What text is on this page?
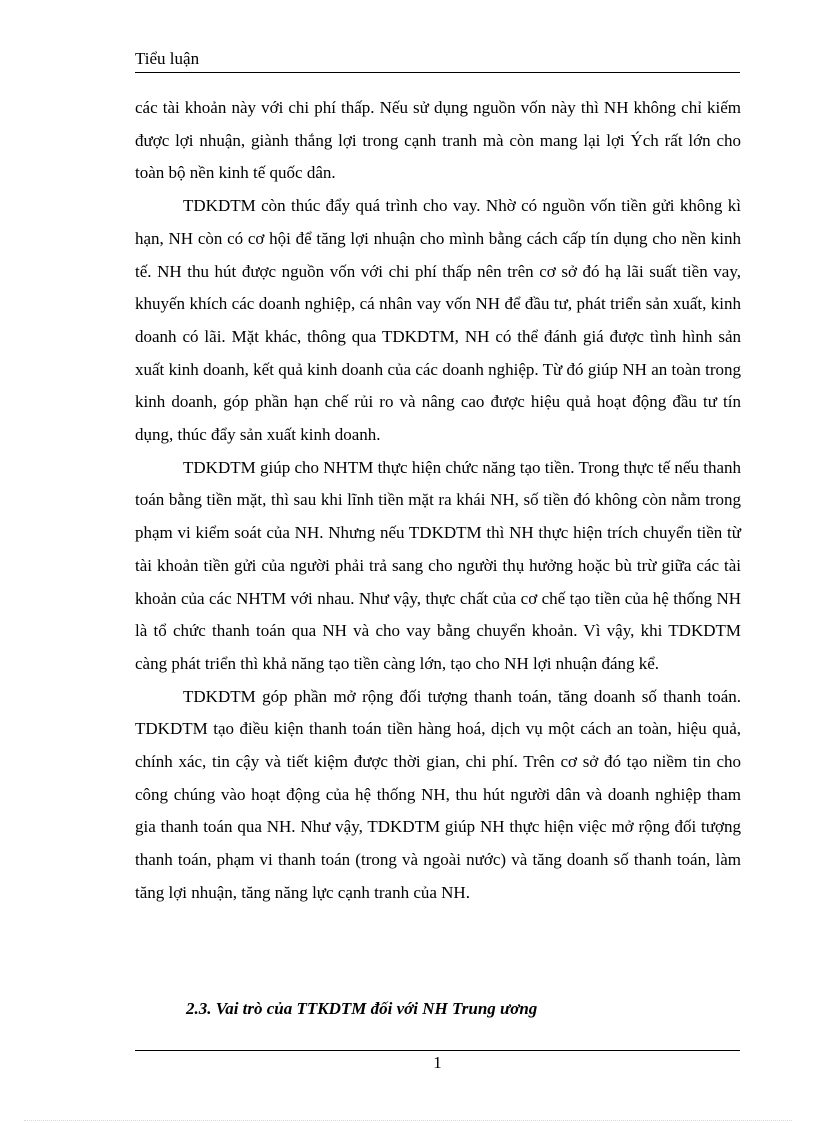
Tiểu luận

các tài khoản này với chi phí thấp. Nếu sử dụng nguồn vốn này thì NH không chỉ kiếm được lợi nhuận, giành thắng lợi trong cạnh tranh mà còn mang lại lợi Ých rất lớn cho toàn bộ nền kinh tế quốc dân.

TDKDTM còn thúc đẩy quá trình cho vay. Nhờ có nguồn vốn tiền gửi không kì hạn, NH còn có cơ hội để tăng lợi nhuận cho mình bằng cách cấp tín dụng cho nền kinh tế. NH thu hút được nguồn vốn với chi phí thấp nên trên cơ sở đó hạ lãi suất tiền vay, khuyến khích các doanh nghiệp, cá nhân vay vốn NH để đầu tư, phát triển sản xuất, kinh doanh có lãi. Mặt khác, thông qua TDKDTM, NH có thể đánh giá được tình hình sản xuất kinh doanh, kết quả kinh doanh của các doanh nghiệp. Từ đó giúp NH an toàn trong kinh doanh, góp phần hạn chế rủi ro và nâng cao được hiệu quả hoạt động đầu tư tín dụng, thúc đẩy sản xuất kinh doanh.

TDKDTM giúp cho NHTM thực hiện chức năng tạo tiền. Trong thực tế nếu thanh toán bằng tiền mặt, thì sau khi lĩnh tiền mặt ra khái NH, số tiền đó không còn nằm trong phạm vi kiểm soát của NH. Nhưng nếu TDKDTM thì NH thực hiện trích chuyển tiền từ tài khoản tiền gửi của người phải trả sang cho người thụ hưởng hoặc bù trừ giữa các tài khoản của các NHTM với nhau. Như vậy, thực chất của cơ chế tạo tiền của hệ thống NH là tổ chức thanh toán qua NH và cho vay bằng chuyển khoản. Vì vậy, khi TDKDTM càng phát triển thì khả năng tạo tiền càng lớn, tạo cho NH lợi nhuận đáng kể.

TDKDTM góp phần mở rộng đối tượng thanh toán, tăng doanh số thanh toán. TDKDTM tạo điều kiện thanh toán tiền hàng hoá, dịch vụ một cách an toàn, hiệu quả, chính xác, tin cậy và tiết kiệm được thời gian, chi phí. Trên cơ sở đó tạo niềm tin cho công chúng vào hoạt động của hệ thống NH, thu hút người dân và doanh nghiệp tham gia thanh toán qua NH. Như vậy, TDKDTM giúp NH thực hiện việc mở rộng đối tượng thanh toán, phạm vi thanh toán (trong và ngoài nước) và tăng doanh số thanh toán, làm tăng lợi nhuận, tăng năng lực cạnh tranh của NH.

2.3. Vai trò của TTKDTM đối với NH Trung ương

1
